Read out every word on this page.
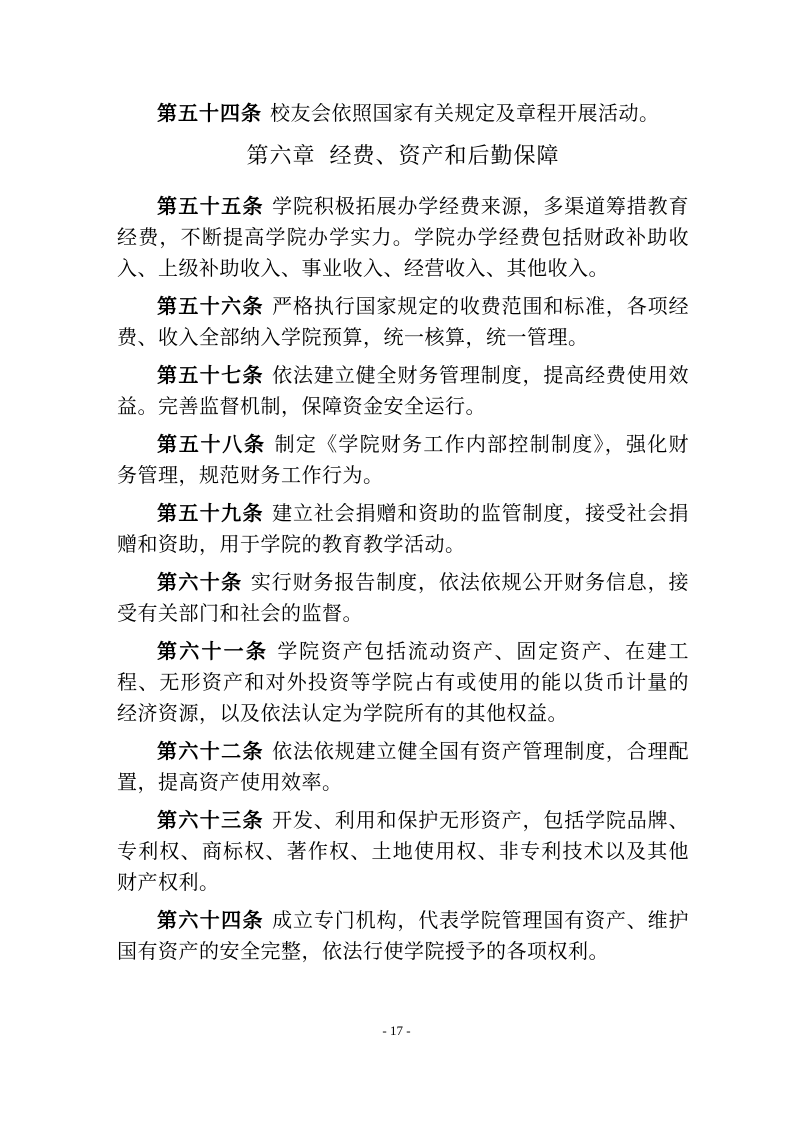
第五十四条 校友会依照国家有关规定及章程开展活动。

第六章 经费、资产和后勤保障

第五十五条 学院积极拓展办学经费来源，多渠道筹措教育经费，不断提高学院办学实力。学院办学经费包括财政补助收入、上级补助收入、事业收入、经营收入、其他收入。

第五十六条 严格执行国家规定的收费范围和标准，各项经费、收入全部纳入学院预算，统一核算，统一管理。

第五十七条 依法建立健全财务管理制度，提高经费使用效益。完善监督机制，保障资金安全运行。

第五十八条 制定《学院财务工作内部控制制度》，强化财务管理，规范财务工作行为。

第五十九条 建立社会捐赠和资助的监管制度，接受社会捐赠和资助，用于学院的教育教学活动。

第六十条 实行财务报告制度，依法依规公开财务信息，接受有关部门和社会的监督。

第六十一条 学院资产包括流动资产、固定资产、在建工程、无形资产和对外投资等学院占有或使用的能以货币计量的经济资源，以及依法认定为学院所有的其他权益。

第六十二条 依法依规建立健全国有资产管理制度，合理配置，提高资产使用效率。

第六十三条 开发、利用和保护无形资产，包括学院品牌、专利权、商标权、著作权、土地使用权、非专利技术以及其他财产权利。

第六十四条 成立专门机构，代表学院管理国有资产、维护国有资产的安全完整，依法行使学院授予的各项权利。

- 17 -
